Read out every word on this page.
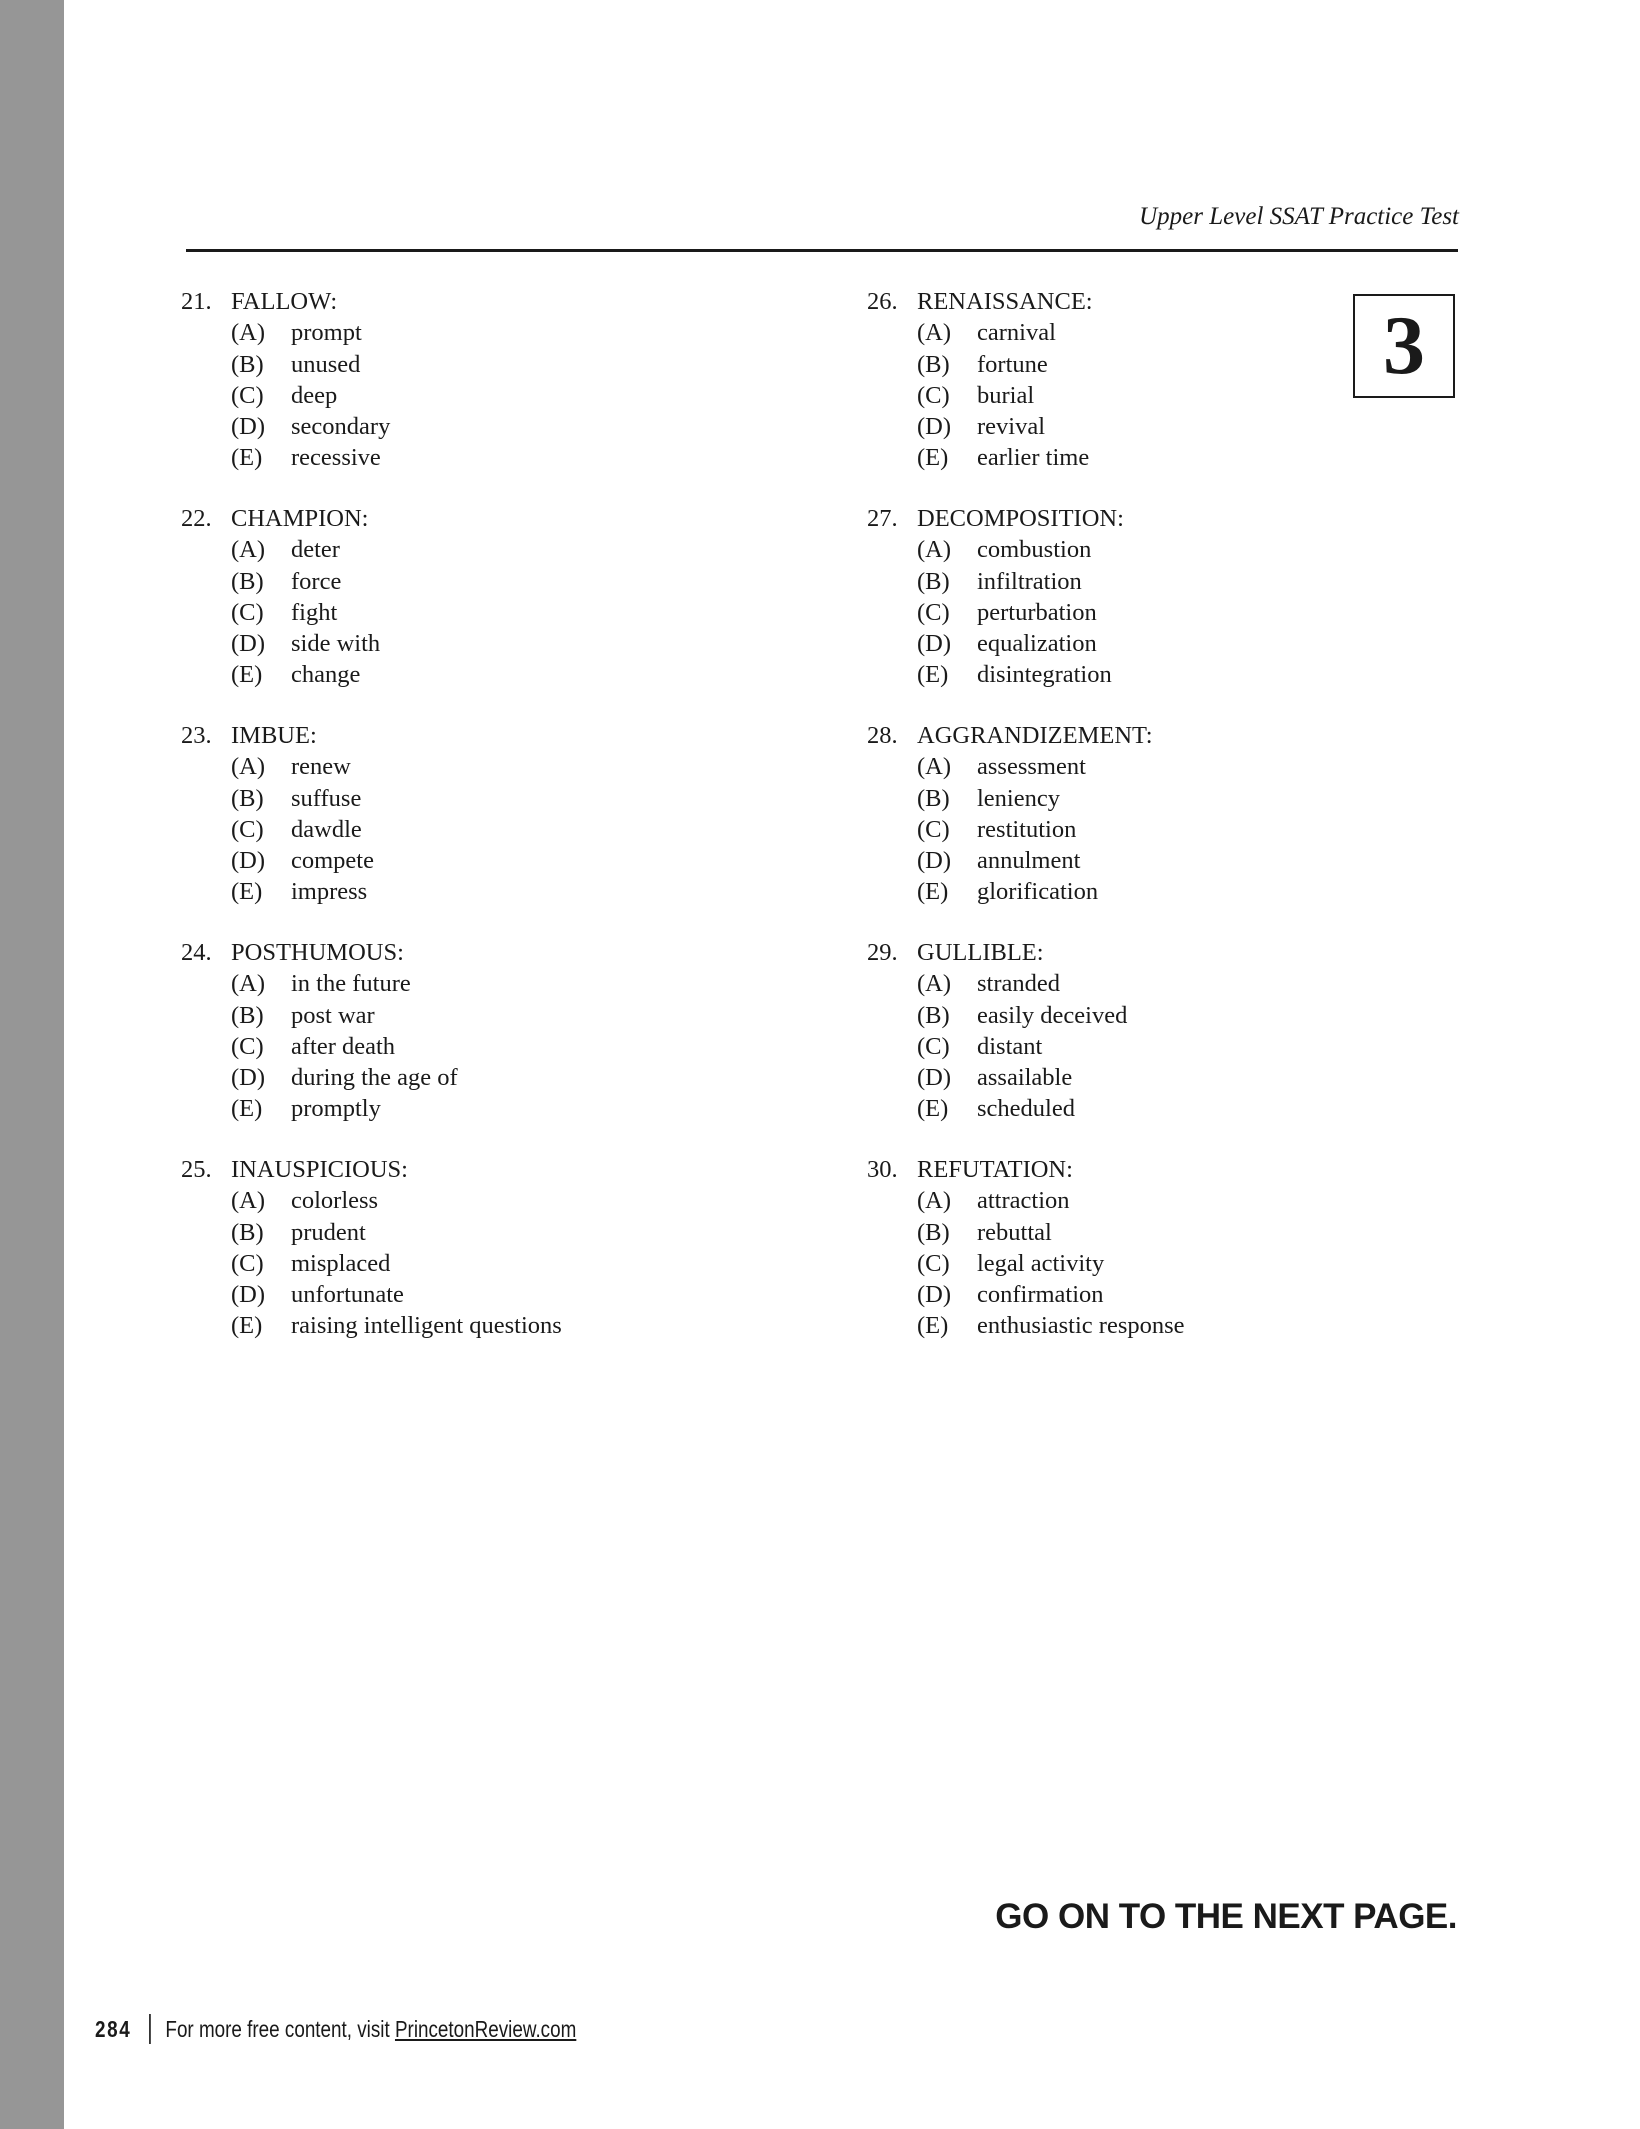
Upper Level SSAT Practice Test
3
21. FALLOW:
(A) prompt
(B) unused
(C) deep
(D) secondary
(E) recessive
22. CHAMPION:
(A) deter
(B) force
(C) fight
(D) side with
(E) change
23. IMBUE:
(A) renew
(B) suffuse
(C) dawdle
(D) compete
(E) impress
24. POSTHUMOUS:
(A) in the future
(B) post war
(C) after death
(D) during the age of
(E) promptly
25. INAUSPICIOUS:
(A) colorless
(B) prudent
(C) misplaced
(D) unfortunate
(E) raising intelligent questions
26. RENAISSANCE:
(A) carnival
(B) fortune
(C) burial
(D) revival
(E) earlier time
27. DECOMPOSITION:
(A) combustion
(B) infiltration
(C) perturbation
(D) equalization
(E) disintegration
28. AGGRANDIZEMENT:
(A) assessment
(B) leniency
(C) restitution
(D) annulment
(E) glorification
29. GULLIBLE:
(A) stranded
(B) easily deceived
(C) distant
(D) assailable
(E) scheduled
30. REFUTATION:
(A) attraction
(B) rebuttal
(C) legal activity
(D) confirmation
(E) enthusiastic response
GO ON TO THE NEXT PAGE.
284 For more free content, visit
PrincetonReview.com
